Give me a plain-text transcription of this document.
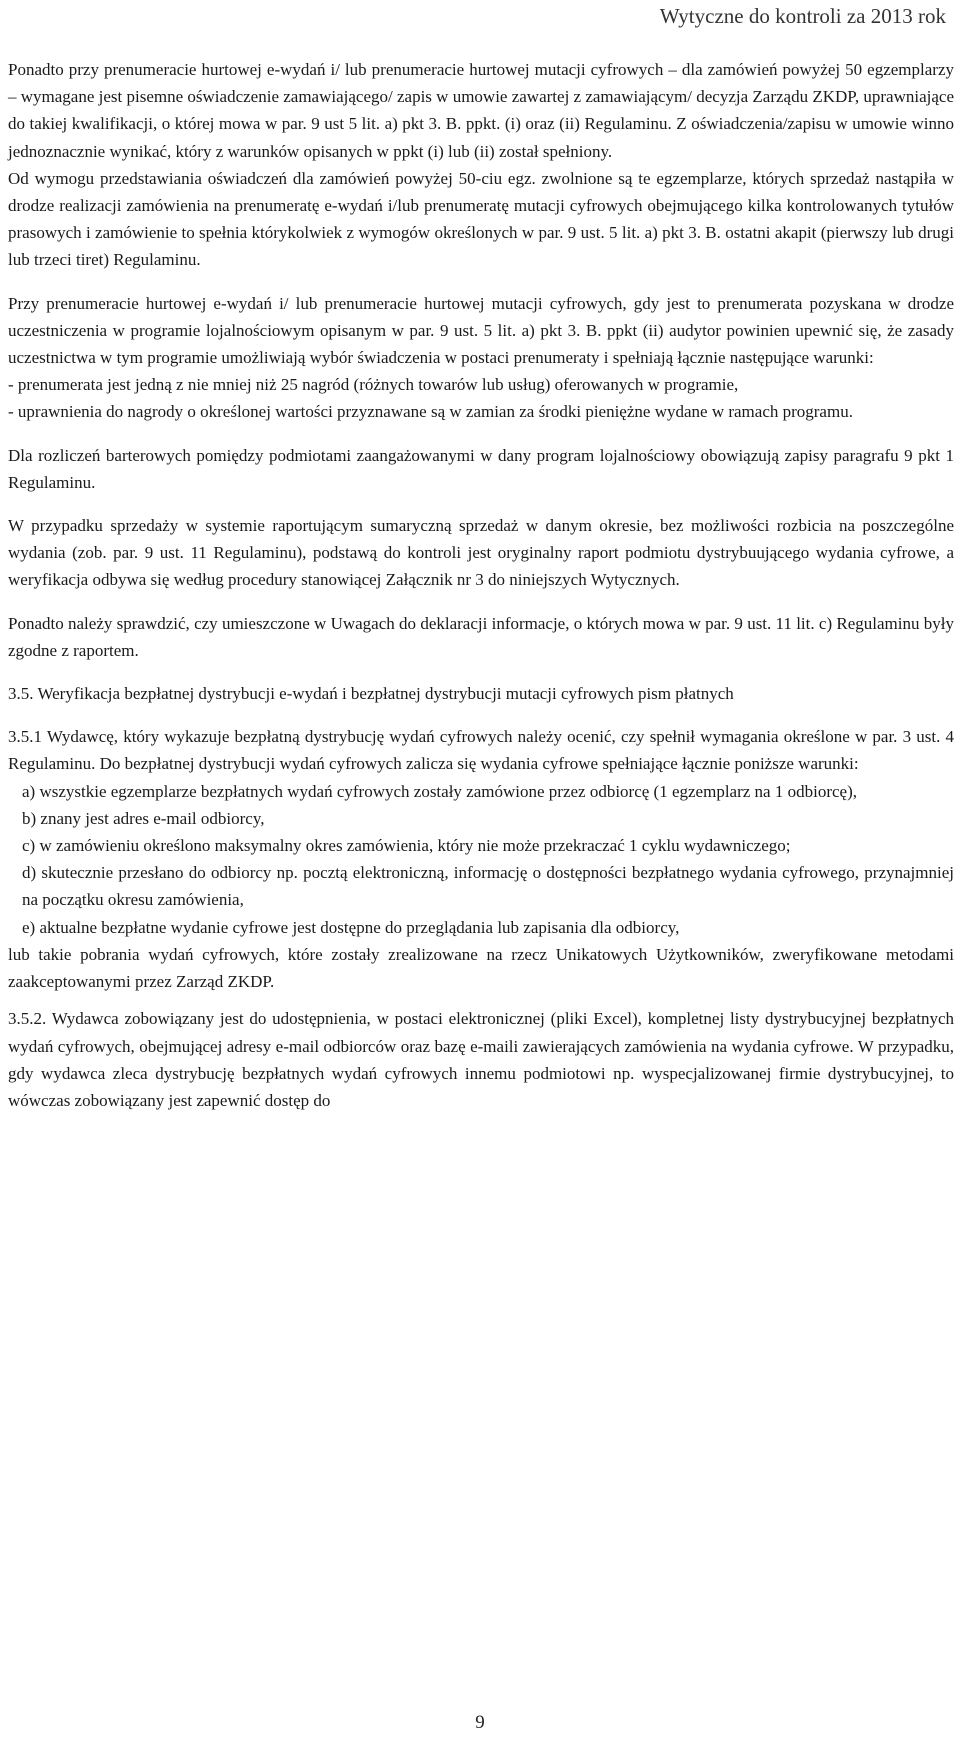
Wytyczne do kontroli za 2013 rok

Ponadto przy prenumeracie hurtowej e-wydań i/ lub prenumeracie hurtowej mutacji cyfrowych – dla zamówień powyżej 50 egzemplarzy – wymagane jest pisemne oświadczenie zamawiającego/ zapis w umowie zawartej z zamawiającym/ decyzja Zarządu ZKDP, uprawniające do takiej kwalifikacji, o której mowa w par. 9 ust 5 lit. a) pkt 3. B. ppkt. (i) oraz (ii) Regulaminu. Z oświadczenia/zapisu w umowie winno jednoznacznie wynikać, który z warunków opisanych w ppkt (i) lub (ii) został spełniony.

Od wymogu przedstawiania oświadczeń dla zamówień powyżej 50-ciu egz. zwolnione są te egzemplarze, których sprzedaż nastąpiła w drodze realizacji zamówienia na prenumeratę e-wydań i/lub prenumeratę mutacji cyfrowych obejmującego kilka kontrolowanych tytułów prasowych i zamówienie to spełnia którykolwiek z wymogów określonych w par. 9 ust. 5 lit. a) pkt 3. B. ostatni akapit (pierwszy lub drugi lub trzeci tiret) Regulaminu.

Przy prenumeracie hurtowej e-wydań i/ lub prenumeracie hurtowej mutacji cyfrowych, gdy jest to prenumerata pozyskana w drodze uczestniczenia w programie lojalnościowym opisanym w par. 9 ust. 5 lit. a) pkt 3. B. ppkt (ii) audytor powinien upewnić się, że zasady uczestnictwa w tym programie umożliwiają wybór świadczenia w postaci prenumeraty i spełniają łącznie następujące warunki:

- prenumerata jest jedną z nie mniej niż 25 nagród (różnych towarów lub usług) oferowanych w programie,

- uprawnienia do nagrody o określonej wartości przyznawane są w zamian za środki pieniężne wydane w ramach programu.

Dla rozliczeń barterowych pomiędzy podmiotami zaangażowanymi w dany program lojalnościowy obowiązują zapisy paragrafu 9 pkt 1 Regulaminu.

W przypadku sprzedaży w systemie raportującym sumaryczną sprzedaż w danym okresie, bez możliwości rozbicia na poszczególne wydania (zob. par. 9 ust. 11 Regulaminu), podstawą do kontroli jest oryginalny raport podmiotu dystrybuującego wydania cyfrowe, a weryfikacja odbywa się według procedury stanowiącej Załącznik nr 3 do niniejszych Wytycznych.

Ponadto należy sprawdzić, czy umieszczone w Uwagach do deklaracji informacje, o których mowa w par. 9 ust. 11 lit. c) Regulaminu były zgodne z raportem.

3.5. Weryfikacja bezpłatnej dystrybucji e-wydań i bezpłatnej dystrybucji mutacji cyfrowych pism płatnych

3.5.1 Wydawcę, który wykazuje bezpłatną dystrybucję wydań cyfrowych należy ocenić, czy spełnił wymagania określone w par. 3 ust. 4 Regulaminu. Do bezpłatnej dystrybucji wydań cyfrowych zalicza się wydania cyfrowe spełniające łącznie poniższe warunki:

a) wszystkie egzemplarze bezpłatnych wydań cyfrowych zostały zamówione przez odbiorcę (1 egzemplarz na 1 odbiorcę),

b) znany jest adres e-mail odbiorcy,

c) w zamówieniu określono maksymalny okres zamówienia, który nie może przekraczać 1 cyklu wydawniczego;

d) skutecznie przesłano do odbiorcy np. pocztą elektroniczną, informację o dostępności bezpłatnego wydania cyfrowego, przynajmniej na początku okresu zamówienia,

e) aktualne bezpłatne wydanie cyfrowe jest dostępne do przeglądania lub zapisania dla odbiorcy,

lub takie pobrania wydań cyfrowych, które zostały zrealizowane na rzecz Unikatowych Użytkowników, zweryfikowane metodami zaakceptowanymi przez Zarząd ZKDP.

3.5.2. Wydawca zobowiązany jest do udostępnienia, w postaci elektronicznej (pliki Excel), kompletnej listy dystrybucyjnej bezpłatnych wydań cyfrowych, obejmującej adresy e-mail odbiorców oraz bazę e-maili zawierających zamówienia na wydania cyfrowe. W przypadku, gdy wydawca zleca dystrybucję bezpłatnych wydań cyfrowych innemu podmiotowi np. wyspecjalizowanej firmie dystrybucyjnej, to wówczas zobowiązany jest zapewnić dostęp do

9
